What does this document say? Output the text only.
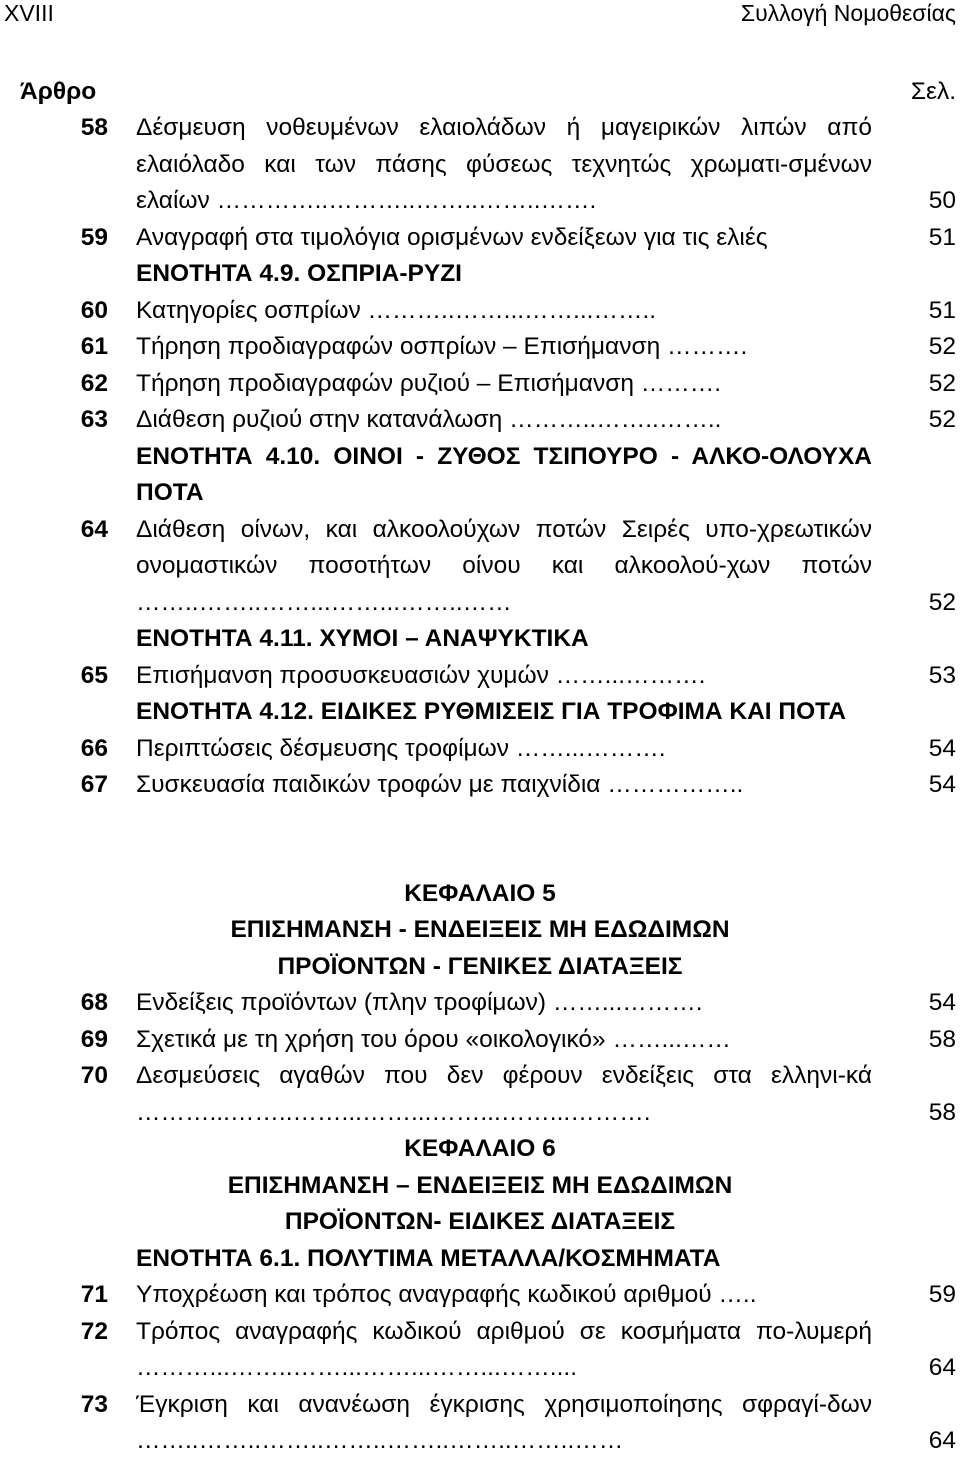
XVIII	Συλλογή Νομοθεσίας
Άρθρο	Σελ.
58 Δέσμευση νοθευμένων ελαιολάδων ή μαγειρικών λιπών από ελαιόλαδο και των πάσης φύσεως τεχνητώς χρωματι-σμένων ελαίων …………..………..……..……..…….	50
59 Αναγραφή στα τιμολόγια ορισμένων ενδείξεων για τις ελιές	51
ΕΝΟΤΗΤΑ 4.9. ΟΣΠΡΙΑ-ΡΥΖΙ
60 Κατηγορίες οσπρίων ………..……...……...……..	51
61 Τήρηση προδιαγραφών οσπρίων – Επισήμανση ……….	52
62 Τήρηση προδιαγραφών ρυζιού – Επισήμανση ……….	52
63 Διάθεση ρυζιού στην κατανάλωση ………..……..……..	52
ΕΝΟΤΗΤΑ 4.10. ΟΙΝΟΙ - ΖΥΘΟΣ ΤΣΙΠΟΥΡΟ - ΑΛΚΟ-ΟΛΟΥΧΑ ΠΟΤΑ
64 Διάθεση οίνων, και αλκοολούχων ποτών Σειρές υπο-χρεωτικών ονομαστικών ποσοτήτων οίνου και αλκοολού-χων ποτών ……..……..……...……...……..……	52
ΕΝΟΤΗΤΑ 4.11. ΧΥΜΟΙ – ΑΝΑΨΥΚΤΙΚΑ
65 Επισήμανση προσυσκευασιών χυμών ……...……….	53
ΕΝΟΤΗΤΑ 4.12. ΕΙΔΙΚΕΣ ΡΥΘΜΙΣΕΙΣ ΓΙΑ ΤΡΟΦΙΜΑ ΚΑΙ ΠΟΤΑ
66 Περιπτώσεις δέσμευσης τροφίμων ……...……….	54
67 Συσκευασία παιδικών τροφών με παιχνίδια ……………..	54
ΚΕΦΑΛΑΙΟ 5
ΕΠΙΣΗΜΑΝΣΗ - ΕΝΔΕΙΞΕΙΣ ΜΗ ΕΔΩΔΙΜΩΝ
ΠΡΟΪΟΝΤΩΝ - ΓΕΝΙΚΕΣ ΔΙΑΤΑΞΕΙΣ
68 Ενδείξεις προϊόντων (πλην τροφίμων) ……...……….	54
69 Σχετικά με τη χρήση του όρου «οικολογικό» ……...……	58
70 Δεσμεύσεις αγαθών που δεν φέρουν ενδείξεις στα ελληνι-κά ………...……..……...……...……...……...……….	58
ΚΕΦΑΛΑΙΟ 6
ΕΠΙΣΗΜΑΝΣΗ – ΕΝΔΕΙΞΕΙΣ ΜΗ ΕΔΩΔΙΜΩΝ
ΠΡΟΪΟΝΤΩΝ- ΕΙΔΙΚΕΣ ΔΙΑΤΑΞΕΙΣ
ΕΝΟΤΗΤΑ 6.1. ΠΟΛΥΤΙΜΑ ΜΕΤΑΛΛΑ/ΚΟΣΜΗΜΑΤΑ
71 Υποχρέωση και τρόπος αναγραφής κωδικού αριθμού …..	59
72 Τρόπος αναγραφής κωδικού αριθμού σε κοσμήματα πο-λυμερή ………...……..……...……...……...……....	64
73 Έγκριση και ανανέωση έγκρισης χρησιμοποίησης σφραγί-δων ……..……..……..……..……..……..……..……	64
